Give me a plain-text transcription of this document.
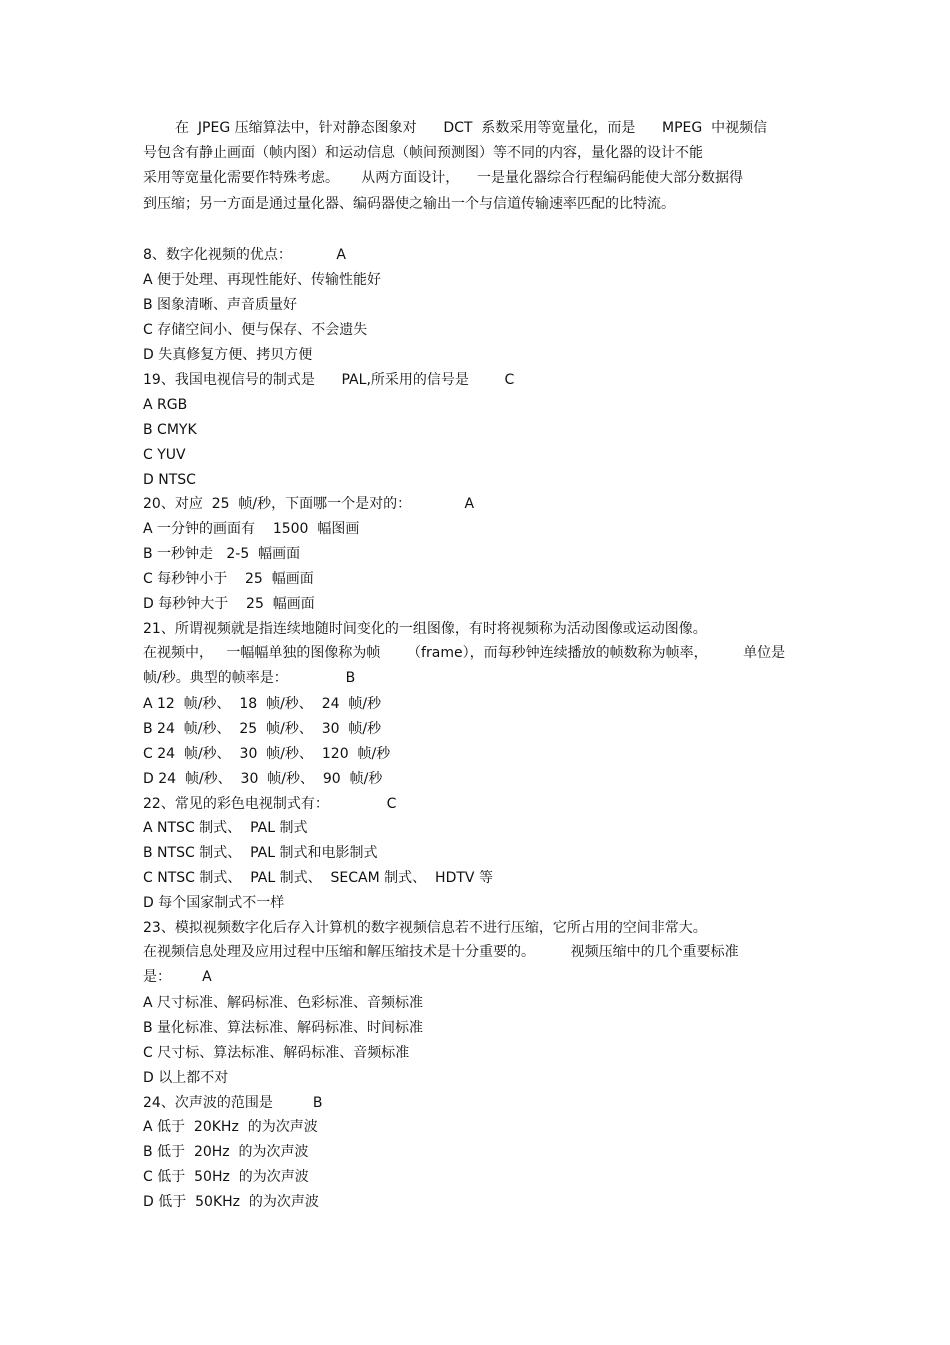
在  JPEG 压缩算法中，针对静态图象对      DCT  系数采用等宽量化，而是      MPEG  中视频信
号包含有静止画面（帧内图）和运动信息（帧间预测图）等不同的内容，量化器的设计不能
采用等宽量化需要作特殊考虑。     从两方面设计，    一是量化器综合行程编码能使大部分数据得
到压缩；另一方面是通过量化器、编码器使之输出一个与信道传输速率匹配的比特流。
8、数字化视频的优点：          A
A 便于处理、再现性能好、传输性能好
B 图象清晰、声音质量好
C 存储空间小、便与保存、不会遗失
D 失真修复方便、拷贝方便
19、我国电视信号的制式是      PAL,所采用的信号是        C
A RGB
B CMYK
C YUV
D NTSC
20、对应  25  帧/秒，下面哪一个是对的：            A
A 一分钟的画面有    1500  幅图画
B 一秒钟走   2-5  幅画面
C 每秒钟小于    25  幅画面
D 每秒钟大于    25  幅画面
21、所谓视频就是指连续地随时间变化的一组图像，有时将视频称为活动图像或运动图像。
在视频中，   一幅幅单独的图像称为帧      （frame），而每秒钟连续播放的帧数称为帧率，        单位是
帧/秒。典型的帧率是：             B
A 12  帧/秒、  18  帧/秒、  24  帧/秒
B 24  帧/秒、  25  帧/秒、  30  帧/秒
C 24  帧/秒、  30  帧/秒、  120  帧/秒
D 24  帧/秒、  30  帧/秒、  90  帧/秒
22、常见的彩色电视制式有：             C
A NTSC 制式、  PAL 制式
B NTSC 制式、  PAL 制式和电影制式
C NTSC 制式、  PAL 制式、  SECAM 制式、  HDTV 等
D 每个国家制式不一样
23、模拟视频数字化后存入计算机的数字视频信息若不进行压缩，它所占用的空间非常大。
在视频信息处理及应用过程中压缩和解压缩技术是十分重要的。        视频压缩中的几个重要标准
是：       A
A 尺寸标准、解码标准、色彩标准、音频标准
B 量化标准、算法标准、解码标准、时间标准
C 尺寸标、算法标准、解码标准、音频标准
D 以上都不对
24、次声波的范围是         B
A 低于  20KHz  的为次声波
B 低于  20Hz  的为次声波
C 低于  50Hz  的为次声波
D 低于  50KHz  的为次声波
